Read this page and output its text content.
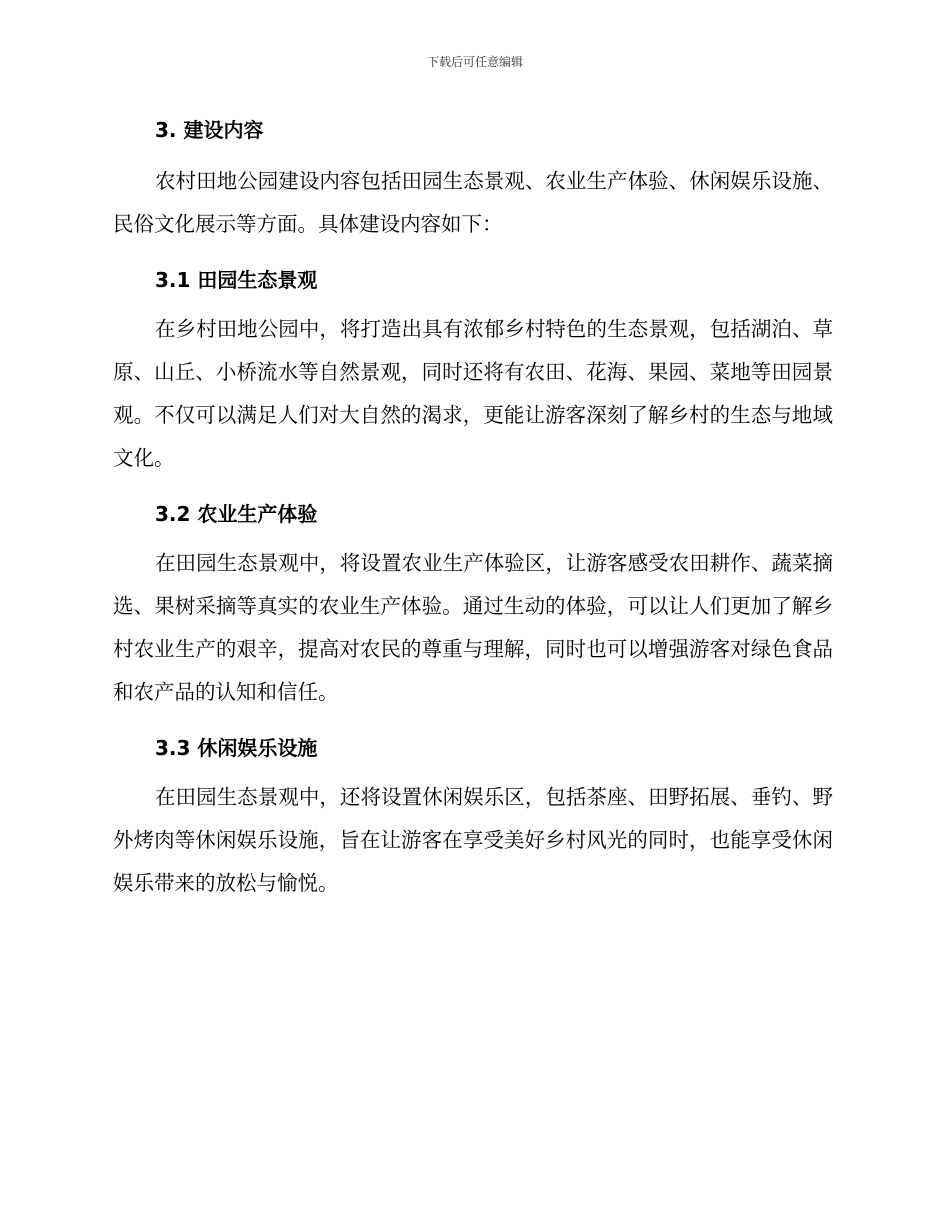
下载后可任意编辑
3. 建设内容

农村田地公园建设内容包括田园生态景观、农业生产体验、休闲娱乐设施、民俗文化展示等方面。具体建设内容如下：

3.1 田园生态景观

在乡村田地公园中，将打造出具有浓郁乡村特色的生态景观，包括湖泊、草原、山丘、小桥流水等自然景观，同时还将有农田、花海、果园、菜地等田园景观。不仅可以满足人们对大自然的渴求，更能让游客深刻了解乡村的生态与地域文化。

3.2 农业生产体验

在田园生态景观中，将设置农业生产体验区，让游客感受农田耕作、蔬菜摘选、果树采摘等真实的农业生产体验。通过生动的体验，可以让人们更加了解乡村农业生产的艰辛，提高对农民的尊重与理解，同时也可以增强游客对绿色食品和农产品的认知和信任。

3.3 休闲娱乐设施

在田园生态景观中，还将设置休闲娱乐区，包括茶座、田野拓展、垂钓、野外烤肉等休闲娱乐设施，旨在让游客在享受美好乡村风光的同时，也能享受休闲娱乐带来的放松与愉悦。
